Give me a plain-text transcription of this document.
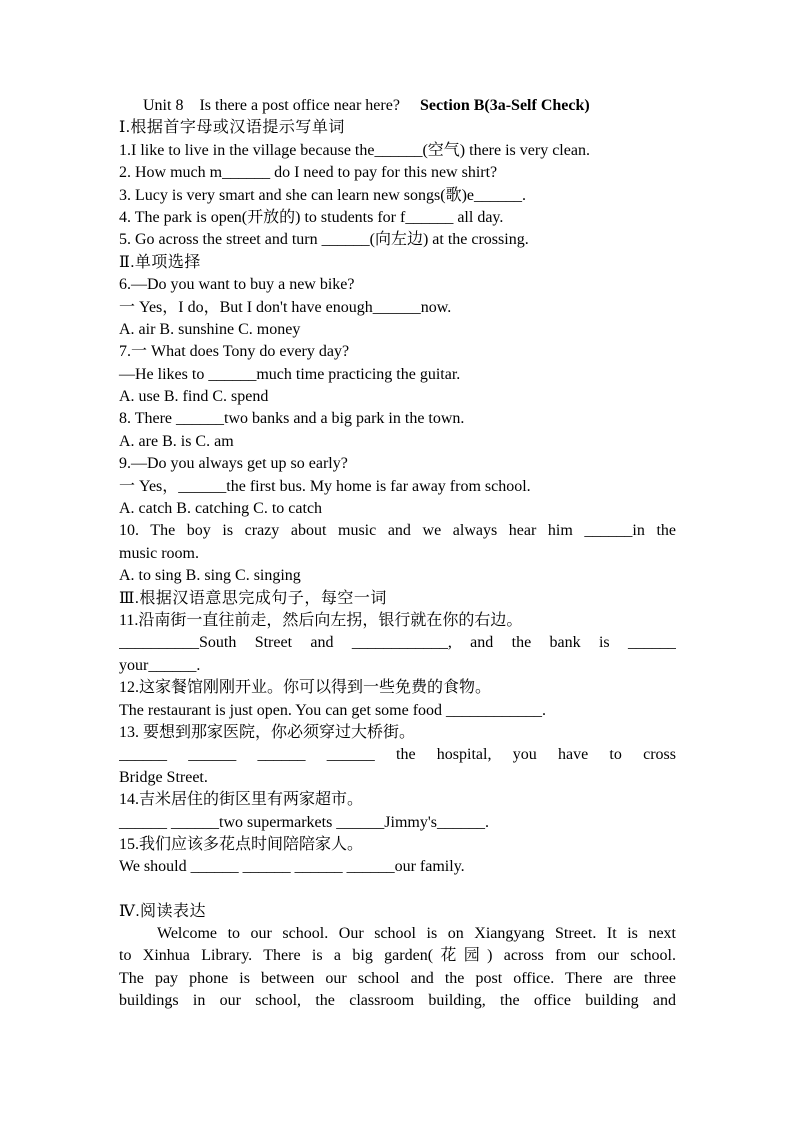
Unit 8    Is there a post office near here?     Section B(3a-Self Check)
Ⅰ.根据首字母或汉语提示写单词
1.I like to live in the village because the______(空气) there is very clean.
2. How much m______ do I need to pay for this new shirt?
3. Lucy is very smart and she can learn new songs(歌)e______.
4. The park is open(开放的) to students for f______ all day.
5. Go across the street and turn ______(向左边) at the crossing.
Ⅱ.单项选择
6.—Do you want to buy a new bike?
一 Yes，I do，But I don't have enough______now.
A. air B. sunshine C. money
7.一 What does Tony do every day?
—He likes to ______much time practicing the guitar.
A. use B. find C. spend
8. There ______two banks and a big park in the town.
A. are B. is C. am
9.—Do you always get up so early?
一 Yes，______the first bus. My home is far away from school.
A. catch B. catching C. to catch
10. The boy is crazy about music and we always hear him ______in the
music room.
A. to sing B. sing C. singing
Ⅲ.根据汉语意思完成句子，每空一词
11.沿南街一直往前走，然后向左拐，银行就在你的右边。
__________South Street and ____________, and the bank is ______
your______.
12.这家餐馆刚刚开业。你可以得到一些免费的食物。
The restaurant is just open. You can get some food ____________.
13. 要想到那家医院，你必须穿过大桥街。
______ ______ ______ ______ the hospital, you have to cross
Bridge Street.
14.吉米居住的街区里有两家超市。
______ ______two supermarkets ______Jimmy's______.
15.我们应该多花点时间陪陪家人。
We should ______ ______ ______ ______our family.
Ⅳ.阅读表达
Welcome to our school. Our school is on Xiangyang Street. It is next
to Xinhua Library. There is a big garden(花园) across from our school.
The pay phone is between our school and the post office. There are three
buildings in our school, the classroom building, the office building and
